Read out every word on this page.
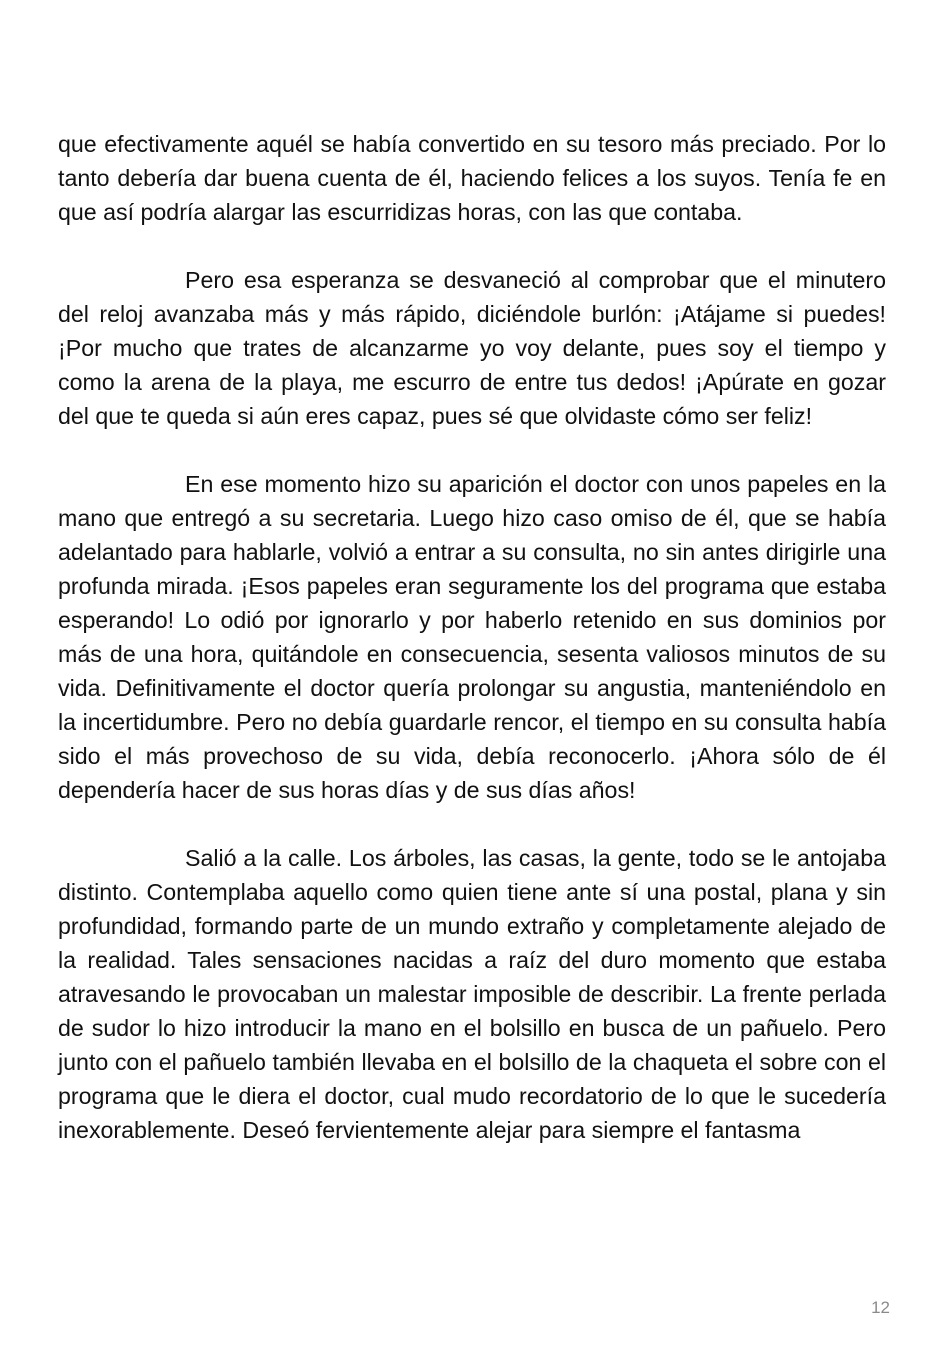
que efectivamente aquél se había convertido en su tesoro más preciado. Por lo tanto debería dar buena cuenta de él, haciendo felices a los suyos. Tenía fe en que así podría alargar las escurridizas horas, con las que contaba.

Pero esa esperanza se desvaneció al comprobar que el minutero del reloj avanzaba más y más rápido, diciéndole burlón: ¡Atájame si puedes! ¡Por mucho que trates de alcanzarme yo voy delante, pues soy el tiempo y como la arena de la playa, me escurro de entre tus dedos! ¡Apúrate en gozar del que te queda si aún eres capaz, pues sé que olvidaste cómo ser feliz!

En ese momento hizo su aparición el doctor con unos papeles en la mano que entregó a su secretaria. Luego hizo caso omiso de él, que se había adelantado para hablarle, volvió a entrar a su consulta, no sin antes dirigirle una profunda mirada. ¡Esos papeles eran seguramente los del programa que estaba esperando! Lo odió por ignorarlo y por haberlo retenido en sus dominios por más de una hora, quitándole en consecuencia, sesenta valiosos minutos de su vida. Definitivamente el doctor quería prolongar su angustia, manteniéndolo en la incertidumbre. Pero no debía guardarle rencor, el tiempo en su consulta había sido el más provechoso de su vida, debía reconocerlo. ¡Ahora sólo de él dependería hacer de sus horas días y de sus días años!

Salió a la calle. Los árboles, las casas, la gente, todo se le antojaba distinto. Contemplaba aquello como quien tiene ante sí una postal, plana y sin profundidad, formando parte de un mundo extraño y completamente alejado de la realidad. Tales sensaciones nacidas a raíz del duro momento que estaba atravesando le provocaban un malestar imposible de describir. La frente perlada de sudor lo hizo introducir la mano en el bolsillo en busca de un pañuelo. Pero junto con el pañuelo también llevaba en el bolsillo de la chaqueta el sobre con el programa que le diera el doctor, cual mudo recordatorio de lo que le sucedería inexorablemente. Deseó fervientemente alejar para siempre el fantasma

12
